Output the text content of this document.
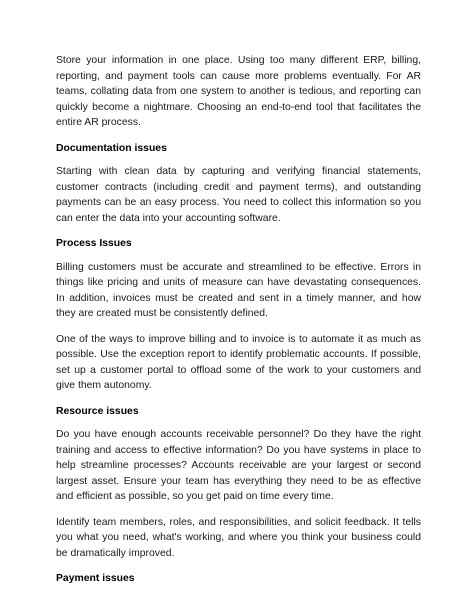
Store your information in one place. Using too many different ERP, billing, reporting, and payment tools can cause more problems eventually. For AR teams, collating data from one system to another is tedious, and reporting can quickly become a nightmare. Choosing an end-to-end tool that facilitates the entire AR process.

Documentation issues

Starting with clean data by capturing and verifying financial statements, customer contracts (including credit and payment terms), and outstanding payments can be an easy process. You need to collect this information so you can enter the data into your accounting software.

Process Issues

Billing customers must be accurate and streamlined to be effective. Errors in things like pricing and units of measure can have devastating consequences. In addition, invoices must be created and sent in a timely manner, and how they are created must be consistently defined.

One of the ways to improve billing and to invoice is to automate it as much as possible. Use the exception report to identify problematic accounts. If possible, set up a customer portal to offload some of the work to your customers and give them autonomy.

Resource issues

Do you have enough accounts receivable personnel? Do they have the right training and access to effective information? Do you have systems in place to help streamline processes? Accounts receivable are your largest or second largest asset. Ensure your team has everything they need to be as effective and efficient as possible, so you get paid on time every time.

Identify team members, roles, and responsibilities, and solicit feedback. It tells you what you need, what's working, and where you think your business could be dramatically improved.

Payment issues
